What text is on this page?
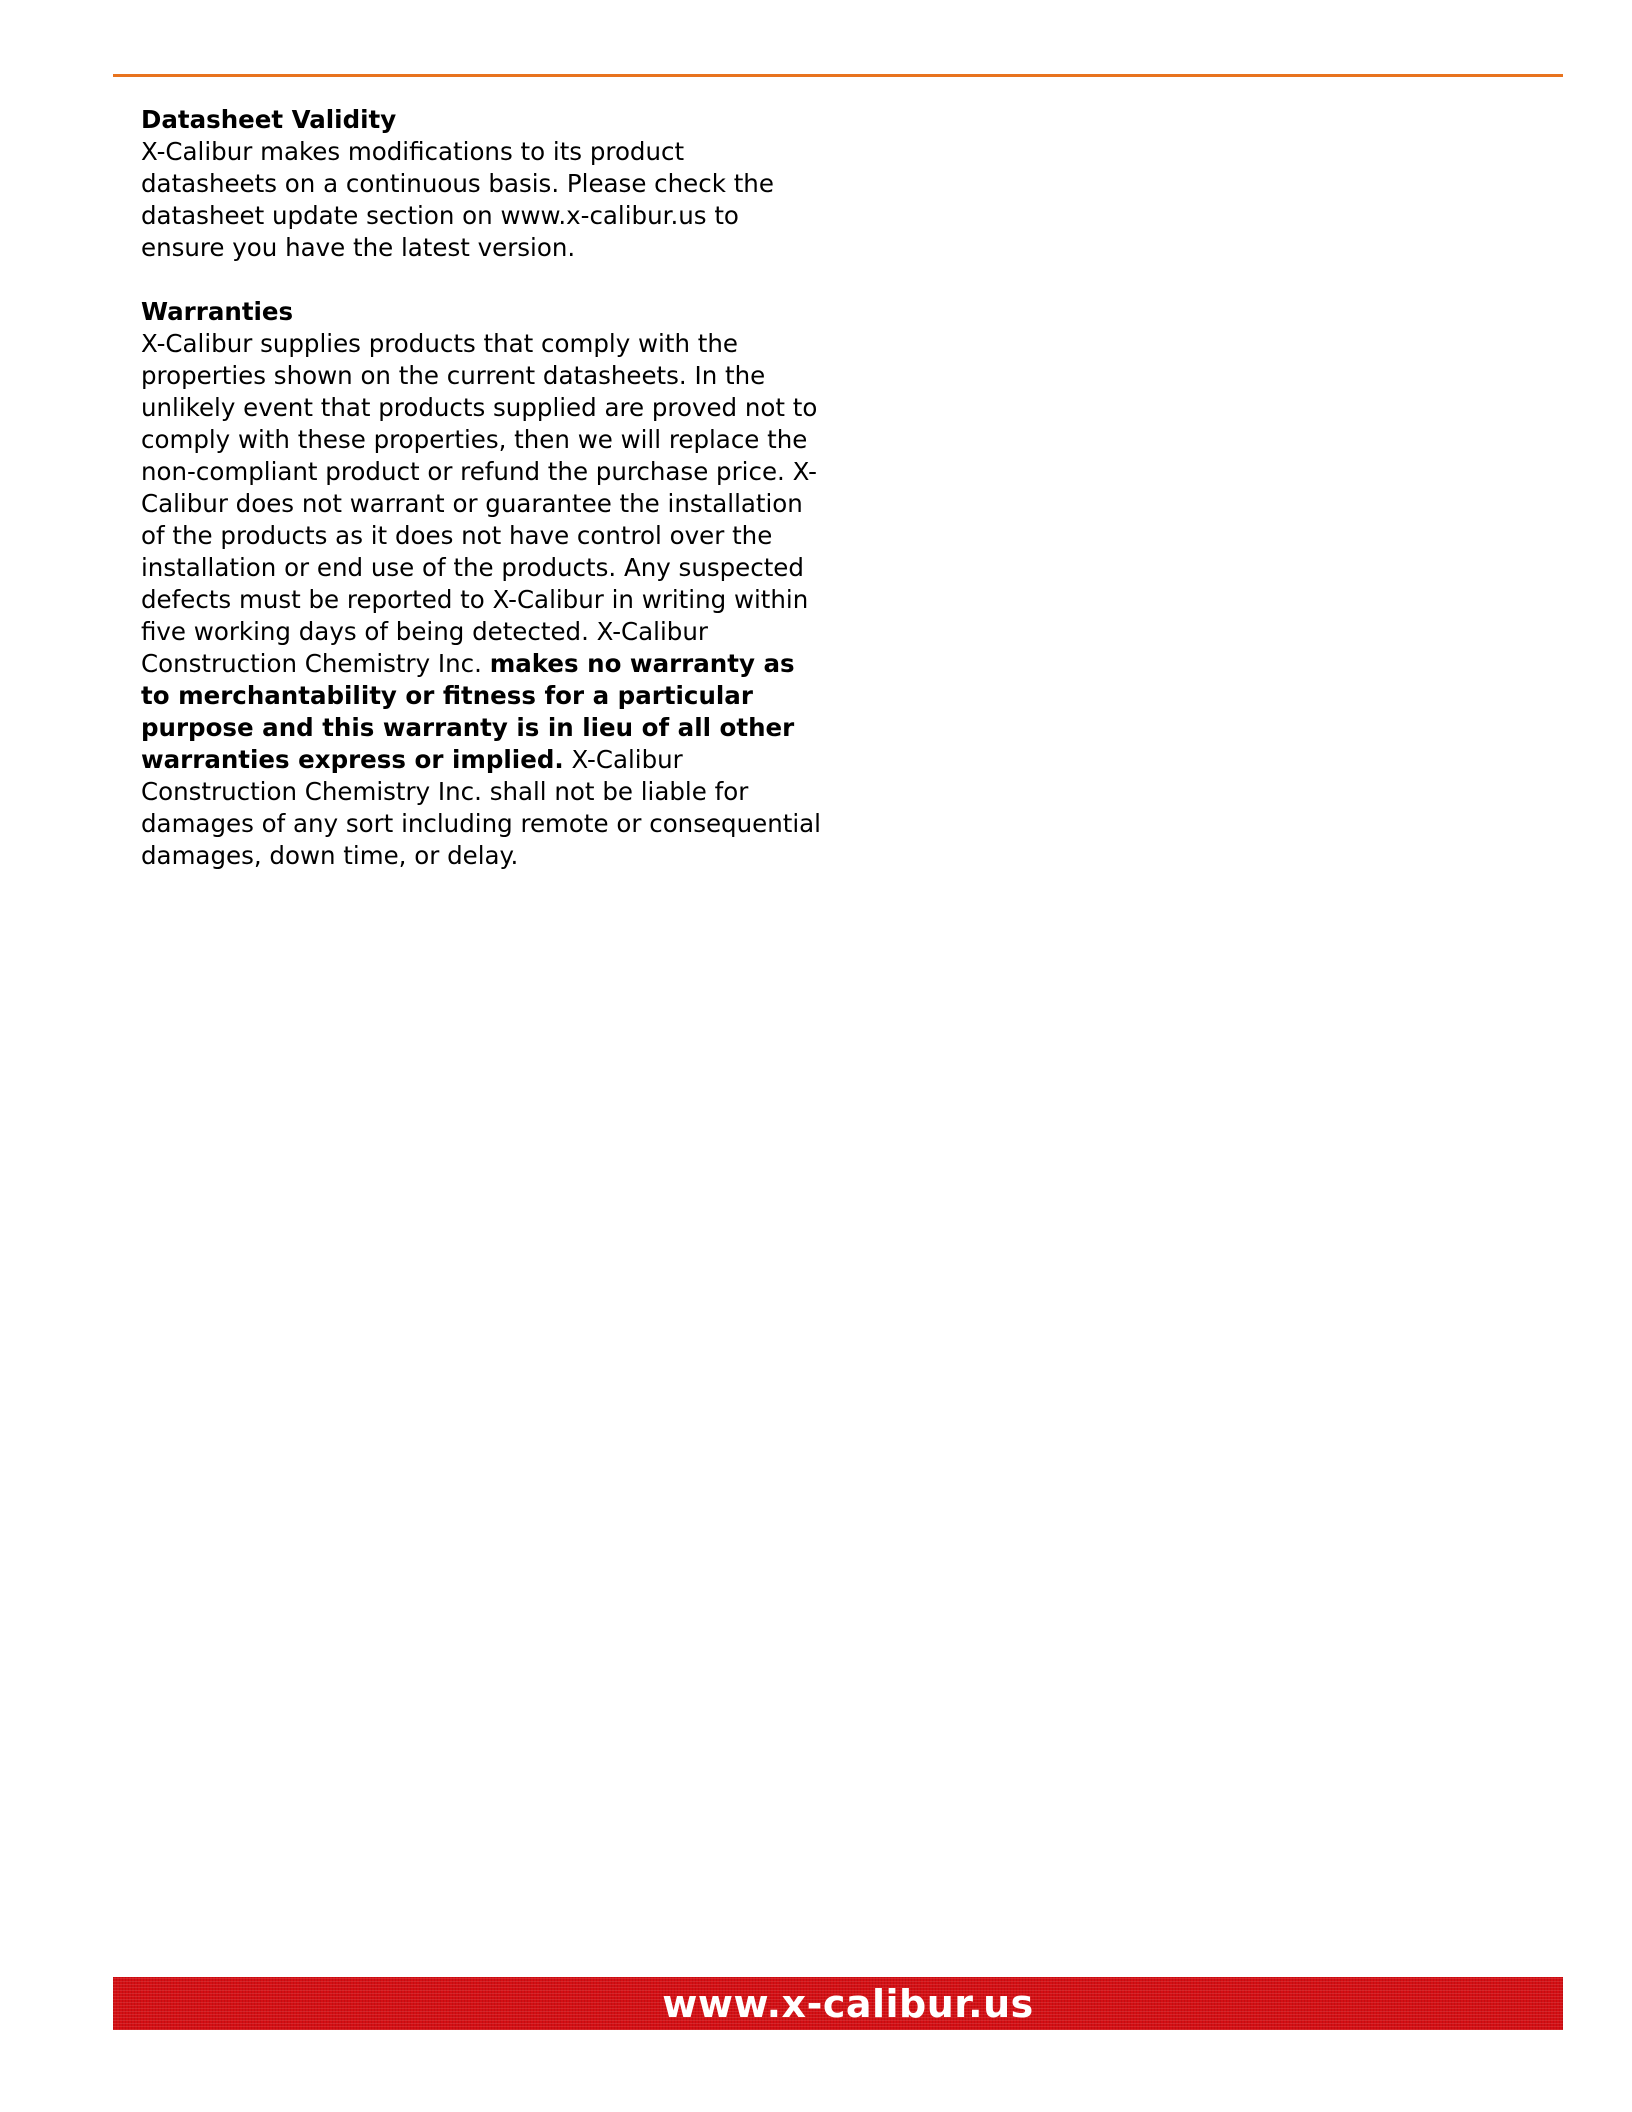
Datasheet Validity
X-Calibur makes modifications to its product datasheets on a continuous basis. Please check the datasheet update section on www.x-calibur.us to ensure you have the latest version.
Warranties
X-Calibur supplies products that comply with the properties shown on the current datasheets. In the unlikely event that products supplied are proved not to comply with these properties, then we will replace the non-compliant product or refund the purchase price. X-Calibur does not warrant or guarantee the installation of the products as it does not have control over the installation or end use of the products. Any suspected defects must be reported to X-Calibur in writing within five working days of being detected. X-Calibur Construction Chemistry Inc. makes no warranty as to merchantability or fitness for a particular purpose and this warranty is in lieu of all other warranties express or implied. X-Calibur Construction Chemistry Inc. shall not be liable for damages of any sort including remote or consequential damages, down time, or delay.
www.x-calibur.us
